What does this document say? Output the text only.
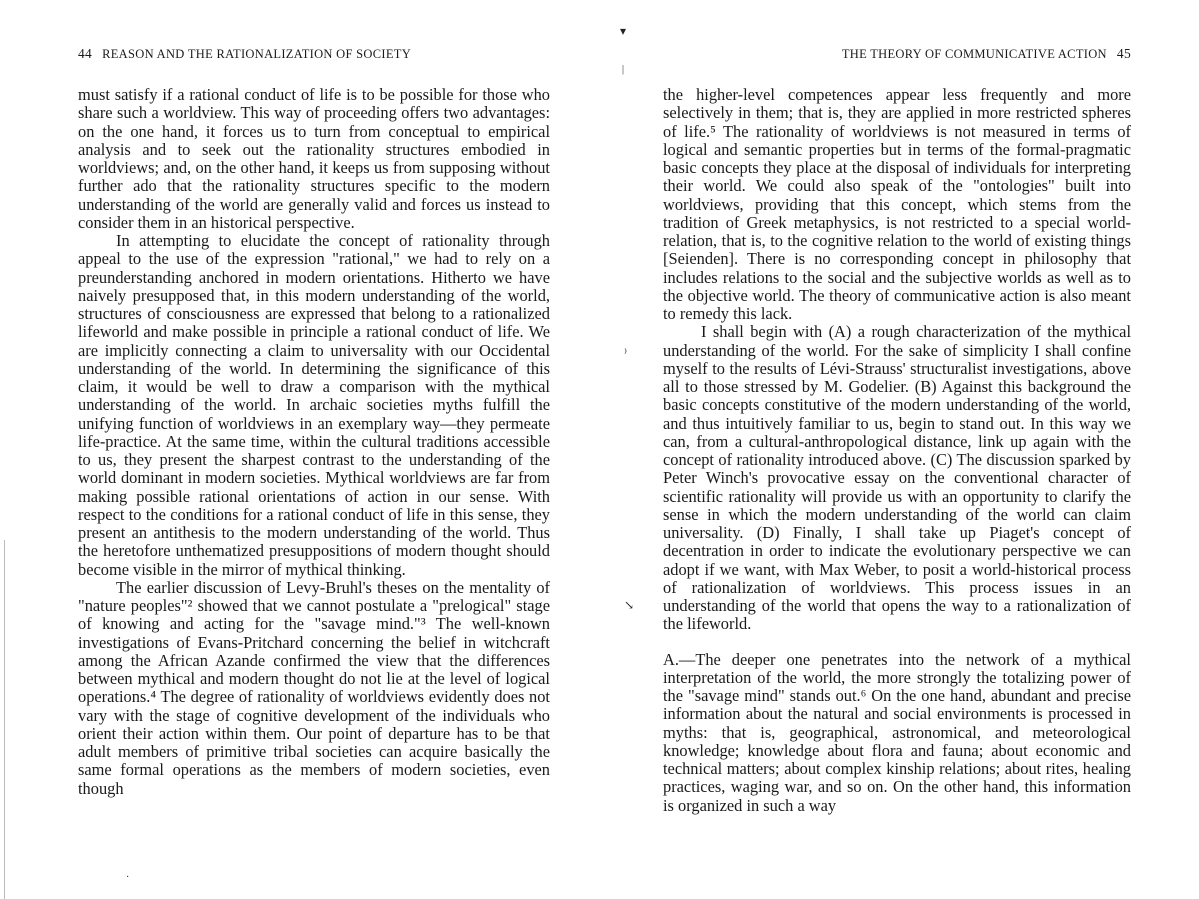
44 REASON AND THE RATIONALIZATION OF SOCIETY

must satisfy if a rational conduct of life is to be possible for those who share such a worldview. This way of proceeding offers two advantages: on the one hand, it forces us to turn from conceptual to empirical analysis and to seek out the rationality structures embodied in worldviews; and, on the other hand, it keeps us from supposing without further ado that the rationality structures specific to the modern understanding of the world are generally valid and forces us instead to consider them in an historical perspective.

In attempting to elucidate the concept of rationality through appeal to the use of the expression "rational," we had to rely on a preunderstanding anchored in modern orientations. Hitherto we have naively presupposed that, in this modern understanding of the world, structures of consciousness are expressed that belong to a rationalized lifeworld and make possible in principle a rational conduct of life. We are implicitly connecting a claim to universality with our Occidental understanding of the world. In determining the significance of this claim, it would be well to draw a comparison with the mythical understanding of the world. In archaic societies myths fulfill the unifying function of worldviews in an exemplary way—they permeate life-practice. At the same time, within the cultural traditions accessible to us, they present the sharpest contrast to the understanding of the world dominant in modern societies. Mythical worldviews are far from making possible rational orientations of action in our sense. With respect to the conditions for a rational conduct of life in this sense, they present an antithesis to the modern understanding of the world. Thus the heretofore unthematized presuppositions of modern thought should become visible in the mirror of mythical thinking.

The earlier discussion of Levy-Bruhl's theses on the mentality of "nature peoples"² showed that we cannot postulate a "prelogical" stage of knowing and acting for the "savage mind."³ The well-known investigations of Evans-Pritchard concerning the belief in witchcraft among the African Azande confirmed the view that the differences between mythical and modern thought do not lie at the level of logical operations.⁴ The degree of rationality of worldviews evidently does not vary with the stage of cognitive development of the individuals who orient their action within them. Our point of departure has to be that adult members of primitive tribal societies can acquire basically the same formal operations as the members of modern societies, even though

THE THEORY OF COMMUNICATIVE ACTION 45

the higher-level competences appear less frequently and more selectively in them; that is, they are applied in more restricted spheres of life.⁵ The rationality of worldviews is not measured in terms of logical and semantic properties but in terms of the formal-pragmatic basic concepts they place at the disposal of individuals for interpreting their world. We could also speak of the "ontologies" built into worldviews, providing that this concept, which stems from the tradition of Greek metaphysics, is not restricted to a special world-relation, that is, to the cognitive relation to the world of existing things [Seienden]. There is no corresponding concept in philosophy that includes relations to the social and the subjective worlds as well as to the objective world. The theory of communicative action is also meant to remedy this lack.

I shall begin with (A) a rough characterization of the mythical understanding of the world. For the sake of simplicity I shall confine myself to the results of Lévi-Strauss' structuralist investigations, above all to those stressed by M. Godelier. (B) Against this background the basic concepts constitutive of the modern understanding of the world, and thus intuitively familiar to us, begin to stand out. In this way we can, from a cultural-anthropological distance, link up again with the concept of rationality introduced above. (C) The discussion sparked by Peter Winch's provocative essay on the conventional character of scientific rationality will provide us with an opportunity to clarify the sense in which the modern understanding of the world can claim universality. (D) Finally, I shall take up Piaget's concept of decentration in order to indicate the evolutionary perspective we can adopt if we want, with Max Weber, to posit a world-historical process of rationalization of worldviews. This process issues in an understanding of the world that opens the way to a rationalization of the lifeworld.

A.—The deeper one penetrates into the network of a mythical interpretation of the world, the more strongly the totalizing power of the "savage mind" stands out.⁶ On the one hand, abundant and precise information about the natural and social environments is processed in myths: that is, geographical, astronomical, and meteorological knowledge; knowledge about flora and fauna; about economic and technical matters; about complex kinship relations; about rites, healing practices, waging war, and so on. On the other hand, this information is organized in such a way

▾
|
⁾
↘
·
